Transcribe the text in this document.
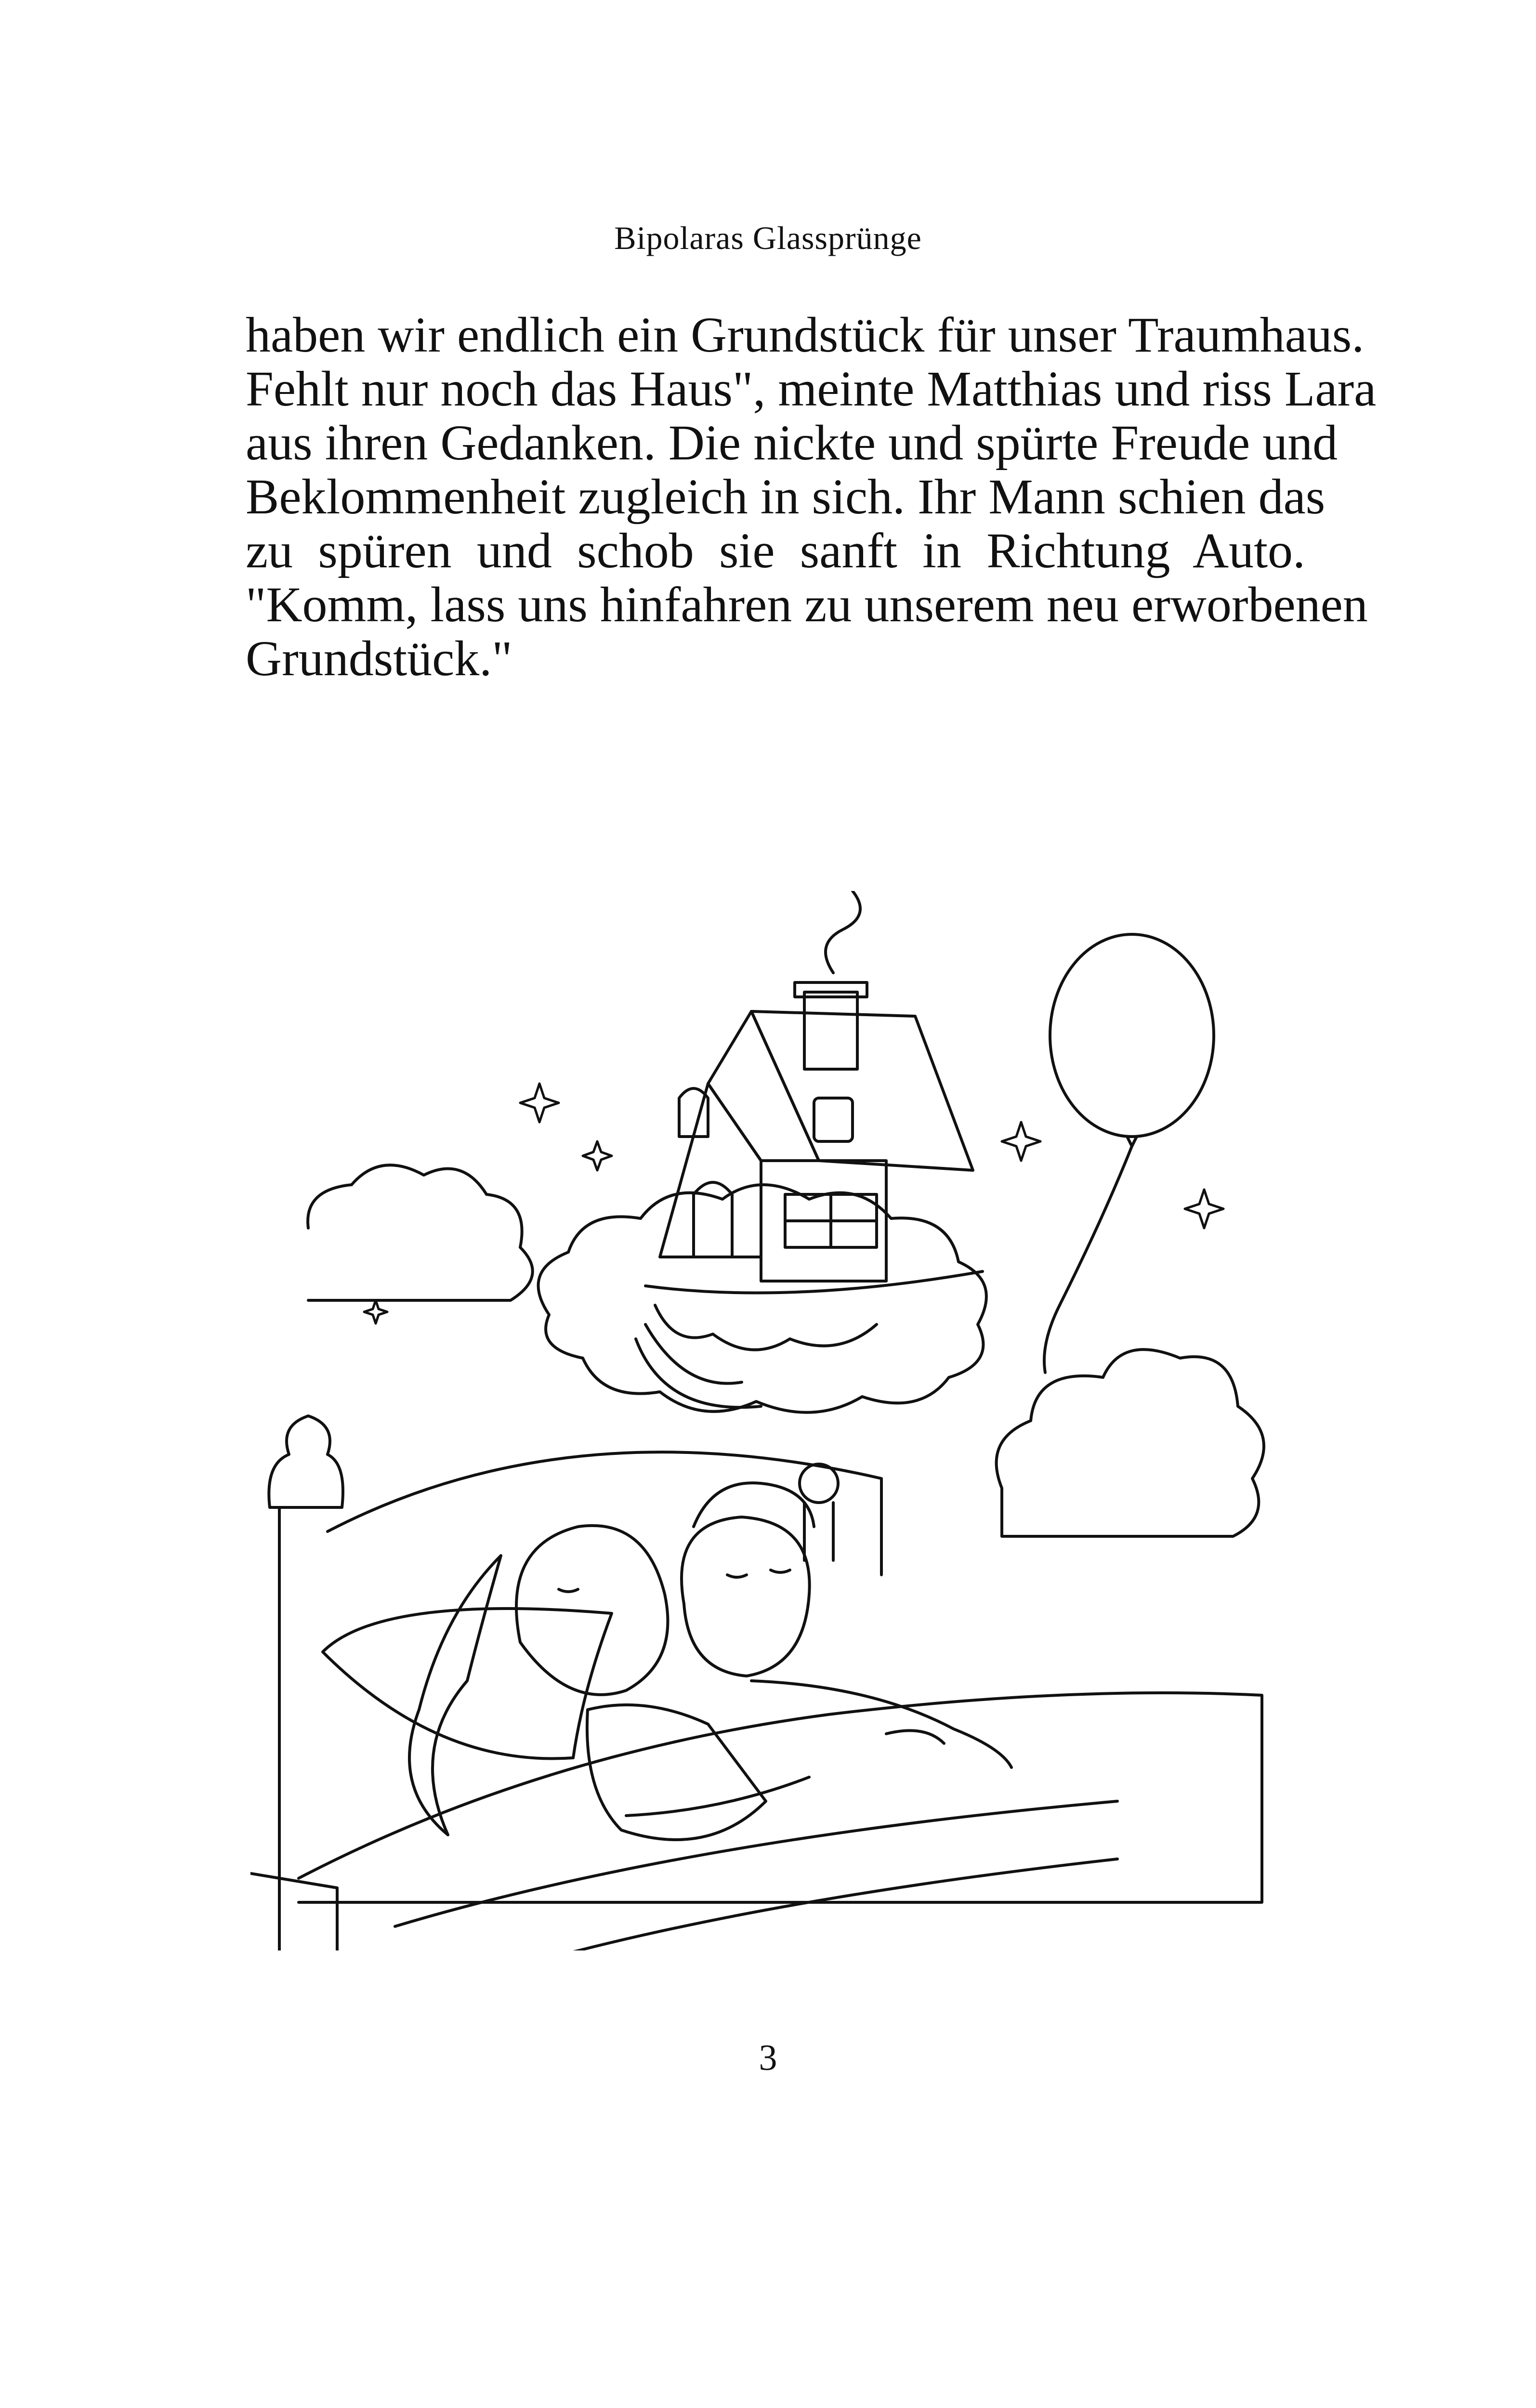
Bipolaras Glassprünge
haben wir endlich ein Grundstück für unser Traumhaus.
Fehlt nur noch das Haus", meinte Matthias und riss Lara
aus ihren Gedanken. Die nickte und spürte Freude und
Beklommenheit zugleich in sich. Ihr Mann schien das
zu spüren und schob sie sanft in Richtung Auto.
"Komm, lass uns hinfahren zu unserem neu erworbenen
Grundstück."
3
